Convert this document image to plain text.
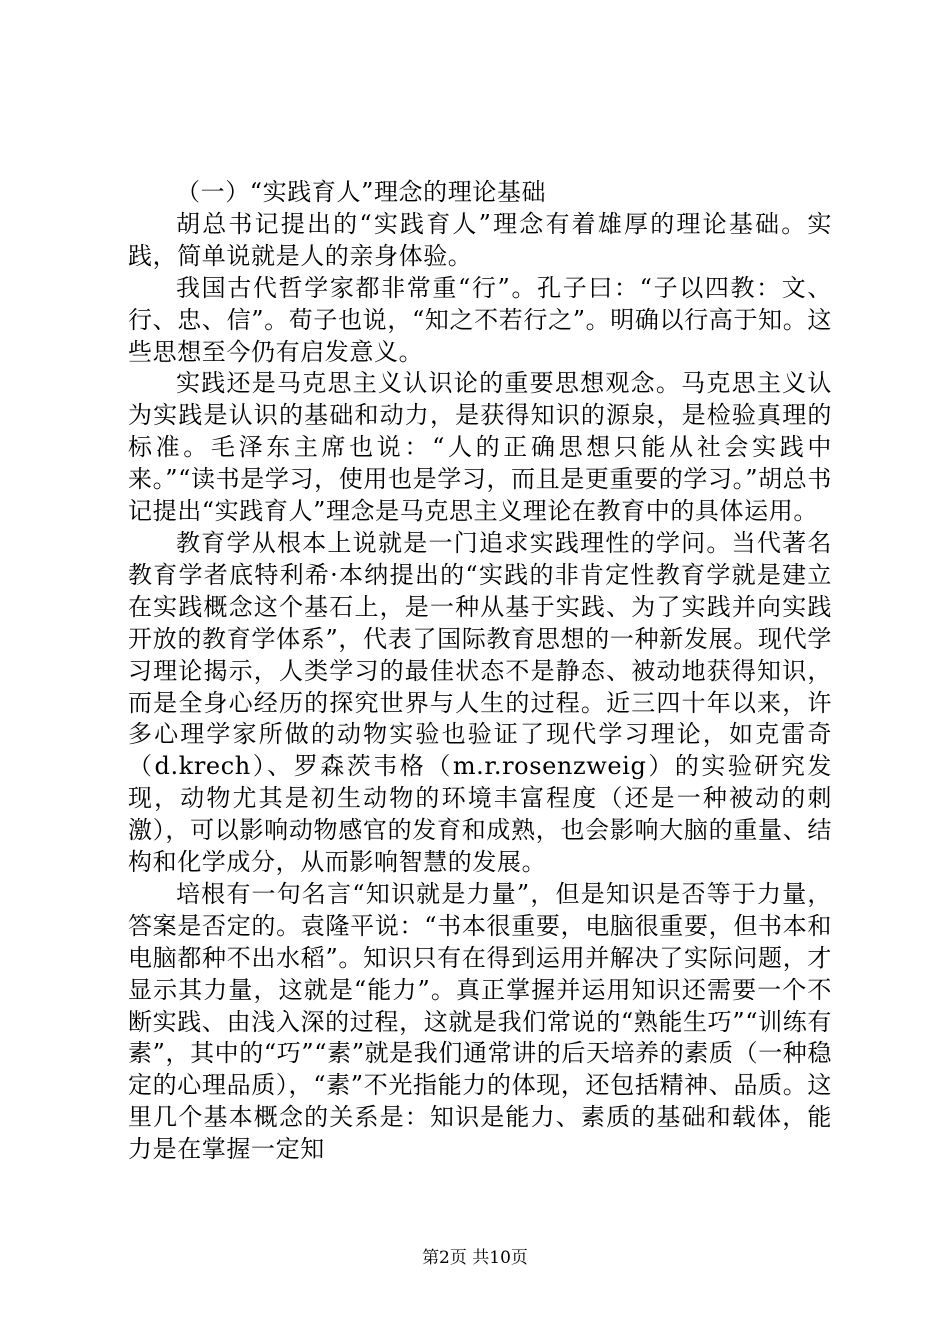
（一）“实践育人”理念的理论基础

胡总书记提出的“实践育人”理念有着雄厚的理论基础。实践，简单说就是人的亲身体验。

我国古代哲学家都非常重“行”。孔子曰：“子以四教：文、行、忠、信”。荀子也说，“知之不若行之”。明确以行高于知。这些思想至今仍有启发意义。

实践还是马克思主义认识论的重要思想观念。马克思主义认为实践是认识的基础和动力，是获得知识的源泉，是检验真理的标准。毛泽东主席也说：“人的正确思想只能从社会实践中来。”“读书是学习，使用也是学习，而且是更重要的学习。”胡总书记提出“实践育人”理念是马克思主义理论在教育中的具体运用。

教育学从根本上说就是一门追求实践理性的学问。当代著名教育学者底特利希·本纳提出的“实践的非肯定性教育学就是建立在实践概念这个基石上，是一种从基于实践、为了实践并向实践开放的教育学体系”，代表了国际教育思想的一种新发展。现代学习理论揭示，人类学习的最佳状态不是静态、被动地获得知识，而是全身心经历的探究世界与人生的过程。近三四十年以来，许多心理学家所做的动物实验也验证了现代学习理论，如克雷奇（d.krech）、罗森茨韦格（m.r.rosenzweig）的实验研究发现，动物尤其是初生动物的环境丰富程度（还是一种被动的刺激），可以影响动物感官的发育和成熟，也会影响大脑的重量、结构和化学成分，从而影响智慧的发展。

培根有一句名言“知识就是力量”，但是知识是否等于力量，答案是否定的。袁隆平说：“书本很重要，电脑很重要，但书本和电脑都种不出水稻”。知识只有在得到运用并解决了实际问题，才显示其力量，这就是“能力”。真正掌握并运用知识还需要一个不断实践、由浅入深的过程，这就是我们常说的“熟能生巧”“训练有素”，其中的“巧”“素”就是我们通常讲的后天培养的素质（一种稳定的心理品质），“素”不光指能力的体现，还包括精神、品质。这里几个基本概念的关系是：知识是能力、素质的基础和载体，能力是在掌握一定知

第2页 共10页
